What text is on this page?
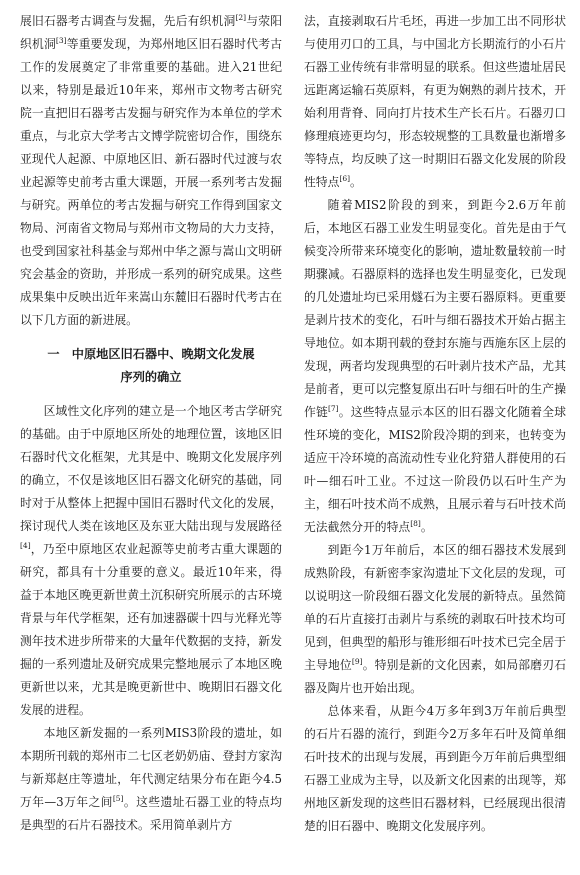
展旧石器考古调查与发掘，先后有织机洞[2]与荥阳织机洞[3]等重要发现，为郑州地区旧石器时代考古工作的发展奠定了非常重要的基础。进入21世纪以来，特别是最近10年来，郑州市文物考古研究院一直把旧石器考古发掘与研究作为本单位的学术重点，与北京大学考古文博学院密切合作，围绕东亚现代人起源、中原地区旧、新石器时代过渡与农业起源等史前考古重大课题，开展一系列考古发掘与研究。两单位的考古发掘与研究工作得到国家文物局、河南省文物局与郑州市文物局的大力支持，也受到国家社科基金与郑州中华之源与嵩山文明研究会基金的资助，并形成一系列的研究成果。这些成果集中反映出近年来嵩山东麓旧石器时代考古在以下几方面的新进展。

一　中原地区旧石器中、晚期文化发展
序列的确立

区域性文化序列的建立是一个地区考古学研究的基础。由于中原地区所处的地理位置，该地区旧石器时代文化框架，尤其是中、晚期文化发展序列的确立，不仅是该地区旧石器文化研究的基础，同时对于从整体上把握中国旧石器时代文化的发展，探讨现代人类在该地区及东亚大陆出现与发展路径[4]，乃至中原地区农业起源等史前考古重大课题的研究，都具有十分重要的意义。最近10年来，得益于本地区晚更新世黄土沉积研究所展示的古环境背景与年代学框架，还有加速器碳十四与光释光等测年技术进步所带来的大量年代数据的支持，新发掘的一系列遗址及研究成果完整地展示了本地区晚更新世以来，尤其是晚更新世中、晚期旧石器文化发展的进程。

本地区新发掘的一系列MIS3阶段的遗址，如本期所刊载的郑州市二七区老奶奶庙、登封方家沟与新郑赵庄等遗址，年代测定结果分布在距今4.5万年—3万年之间[5]。这些遗址石器工业的特点均是典型的石片石器技术。采用简单剥片方

法，直接剥取石片毛坯，再进一步加工出不同形状与使用刃口的工具，与中国北方长期流行的小石片石器工业传统有非常明显的联系。但这些遗址居民远距离运输石英原料，有更为娴熟的剥片技术，开始利用背脊、同向打片技术生产长石片。石器刃口修理痕迹更均匀，形态较规整的工具数量也渐增多等特点，均反映了这一时期旧石器文化发展的阶段性特点[6]。

随着MIS2阶段的到来，到距今2.6万年前后，本地区石器工业发生明显变化。首先是由于气候变冷所带来环境变化的影响，遗址数量较前一时期骤减。石器原料的选择也发生明显变化，已发现的几处遗址均已采用燧石为主要石器原料。更重要是剥片技术的变化，石叶与细石器技术开始占据主导地位。如本期刊载的登封东施与西施东区上层的发现，两者均发现典型的石叶剥片技术产品，尤其是前者，更可以完整复原出石叶与细石叶的生产操作链[7]。这些特点显示本区的旧石器文化随着全球性环境的变化，MIS2阶段冷期的到来，也转变为适应干冷环境的高流动性专业化狩猎人群使用的石叶—细石叶工业。不过这一阶段仍以石叶生产为主，细石叶技术尚不成熟，且展示着与石叶技术尚无法截然分开的特点[8]。

到距今1万年前后，本区的细石器技术发展到成熟阶段，有新密李家沟遗址下文化层的发现，可以说明这一阶段细石器文化发展的新特点。虽然简单的石片直接打击剥片与系统的剥取石叶技术均可见到，但典型的船形与锥形细石叶技术已完全居于主导地位[9]。特别是新的文化因素，如局部磨刃石器及陶片也开始出现。

总体来看，从距今4万多年到3万年前后典型的石片石器的流行，到距今2万多年石叶及简单细石叶技术的出现与发展，再到距今万年前后典型细石器工业成为主导，以及新文化因素的出现等，郑州地区新发现的这些旧石器材料，已经展现出很清楚的旧石器中、晚期文化发展序列。
